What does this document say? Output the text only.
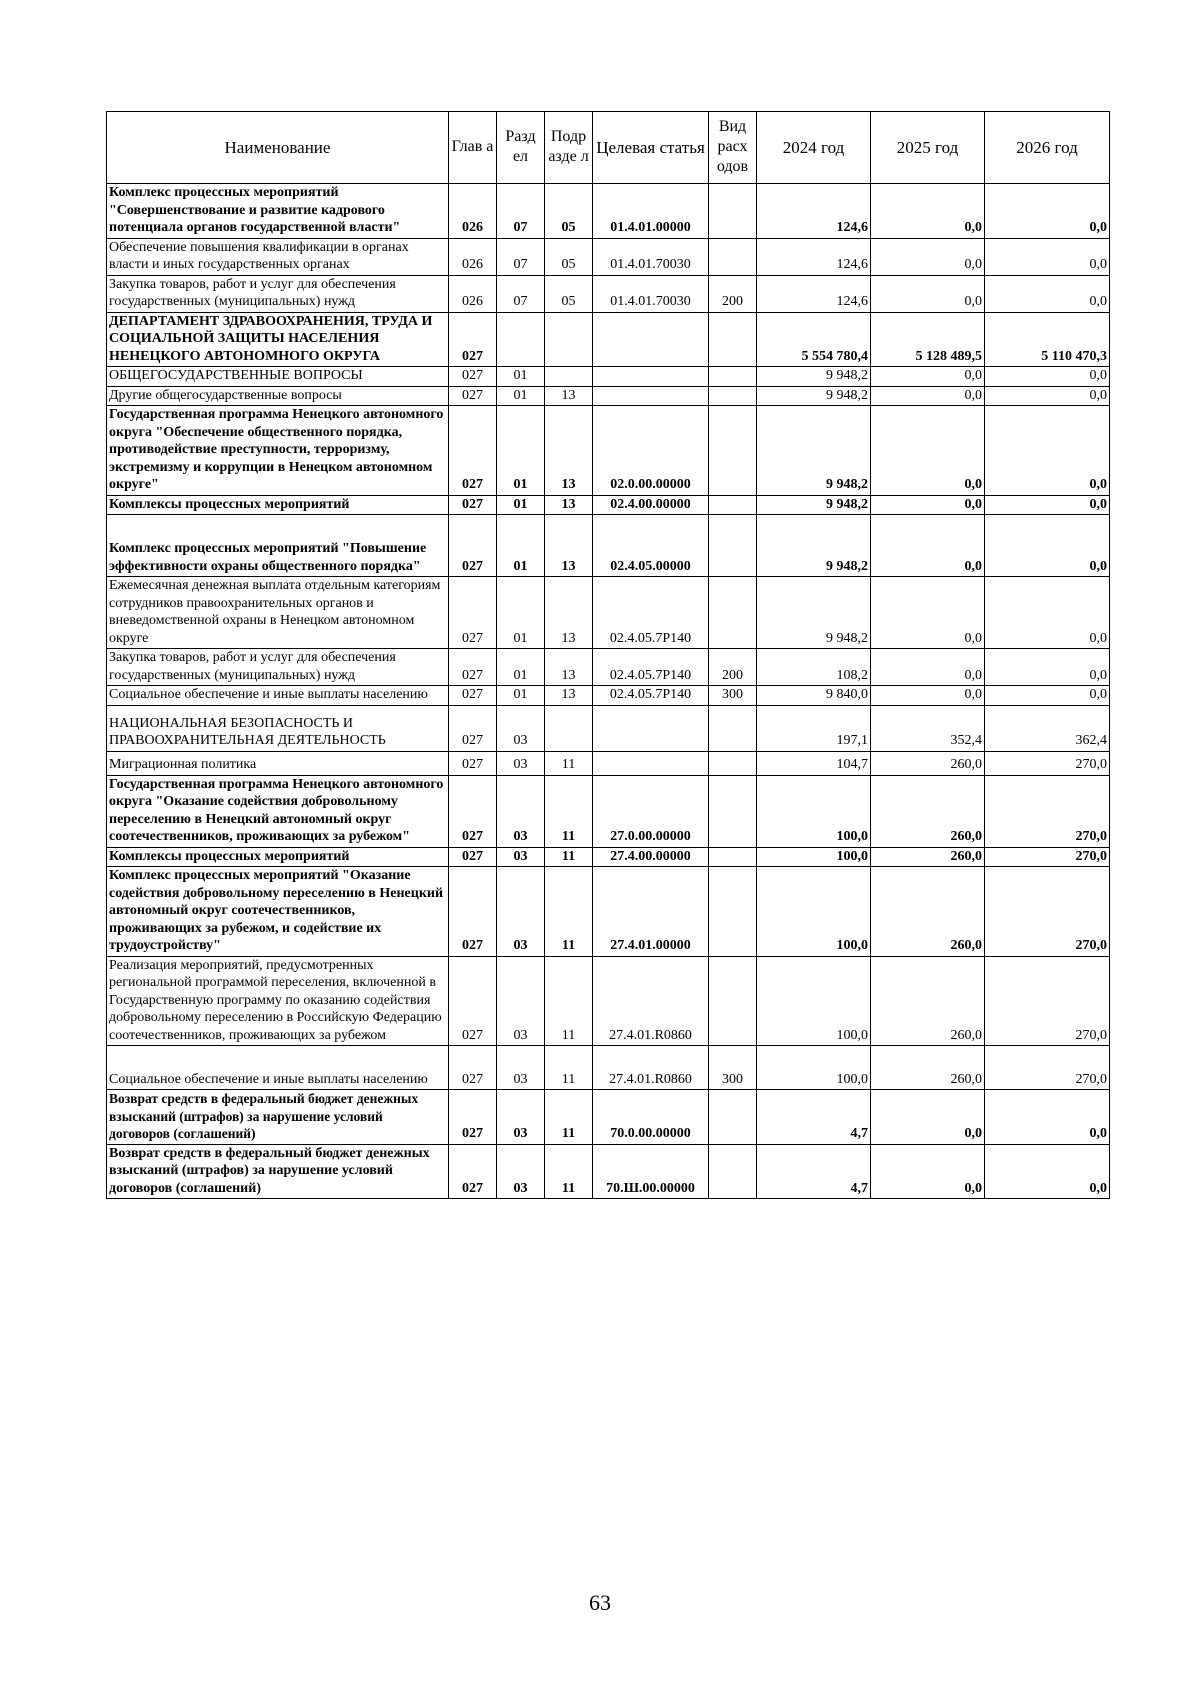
Наименование	Глав а	Разд ел	Подр азде л	Целевая статья	Вид расх одов	2024 год	2025 год	2026 год
Комплекс процессных мероприятий "Совершенствование и развитие кадрового потенциала органов государственной власти"	026	07	05	01.4.01.00000		124,6	0,0	0,0
Обеспечение повышения квалификации в органах власти и иных государственных органах	026	07	05	01.4.01.70030		124,6	0,0	0,0
Закупка товаров, работ и услуг для обеспечения государственных (муниципальных) нужд	026	07	05	01.4.01.70030	200	124,6	0,0	0,0
ДЕПАРТАМЕНТ ЗДРАВООХРАНЕНИЯ, ТРУДА И СОЦИАЛЬНОЙ ЗАЩИТЫ НАСЕЛЕНИЯ НЕНЕЦКОГО АВТОНОМНОГО ОКРУГА	027					5 554 780,4	5 128 489,5	5 110 470,3
ОБЩЕГОСУДАРСТВЕННЫЕ ВОПРОСЫ	027	01				9 948,2	0,0	0,0
Другие общегосударственные вопросы	027	01	13			9 948,2	0,0	0,0
Государственная программа Ненецкого автономного округа "Обеспечение общественного порядка, противодействие преступности, терроризму, экстремизму и коррупции в Ненецком автономном округе"	027	01	13	02.0.00.00000		9 948,2	0,0	0,0
Комплексы процессных мероприятий	027	01	13	02.4.00.00000		9 948,2	0,0	0,0
Комплекс процессных мероприятий "Повышение эффективности охраны общественного порядка"	027	01	13	02.4.05.00000		9 948,2	0,0	0,0
Ежемесячная денежная выплата отдельным категориям сотрудников правоохранительных органов и вневедомственной охраны в Ненецком автономном округе	027	01	13	02.4.05.7Р140		9 948,2	0,0	0,0
Закупка товаров, работ и услуг для обеспечения государственных (муниципальных) нужд	027	01	13	02.4.05.7Р140	200	108,2	0,0	0,0
Социальное обеспечение и иные выплаты населению	027	01	13	02.4.05.7Р140	300	9 840,0	0,0	0,0
НАЦИОНАЛЬНАЯ БЕЗОПАСНОСТЬ И ПРАВООХРАНИТЕЛЬНАЯ ДЕЯТЕЛЬНОСТЬ	027	03				197,1	352,4	362,4
Миграционная политика	027	03	11			104,7	260,0	270,0
Государственная программа Ненецкого автономного округа "Оказание содействия добровольному переселению в Ненецкий автономный округ соотечественников, проживающих за рубежом"	027	03	11	27.0.00.00000		100,0	260,0	270,0
Комплексы процессных мероприятий	027	03	11	27.4.00.00000		100,0	260,0	270,0
Комплекс процессных мероприятий "Оказание содействия добровольному переселению в Ненецкий автономный округ соотечественников, проживающих за рубежом, и содействие их трудоустройству"	027	03	11	27.4.01.00000		100,0	260,0	270,0
Реализация мероприятий, предусмотренных региональной программой переселения, включенной в Государственную программу по оказанию содействия добровольному переселению в Российскую Федерацию соотечественников, проживающих за рубежом	027	03	11	27.4.01.R0860		100,0	260,0	270,0
Социальное обеспечение и иные выплаты населению	027	03	11	27.4.01.R0860	300	100,0	260,0	270,0
Возврат средств в федеральный бюджет денежных взысканий (штрафов) за нарушение условий договоров (соглашений)	027	03	11	70.0.00.00000		4,7	0,0	0,0
Возврат средств в федеральный бюджет денежных взысканий (штрафов) за нарушение условий договоров (соглашений)	027	03	11	70.Ш.00.00000		4,7	0,0	0,0
63
